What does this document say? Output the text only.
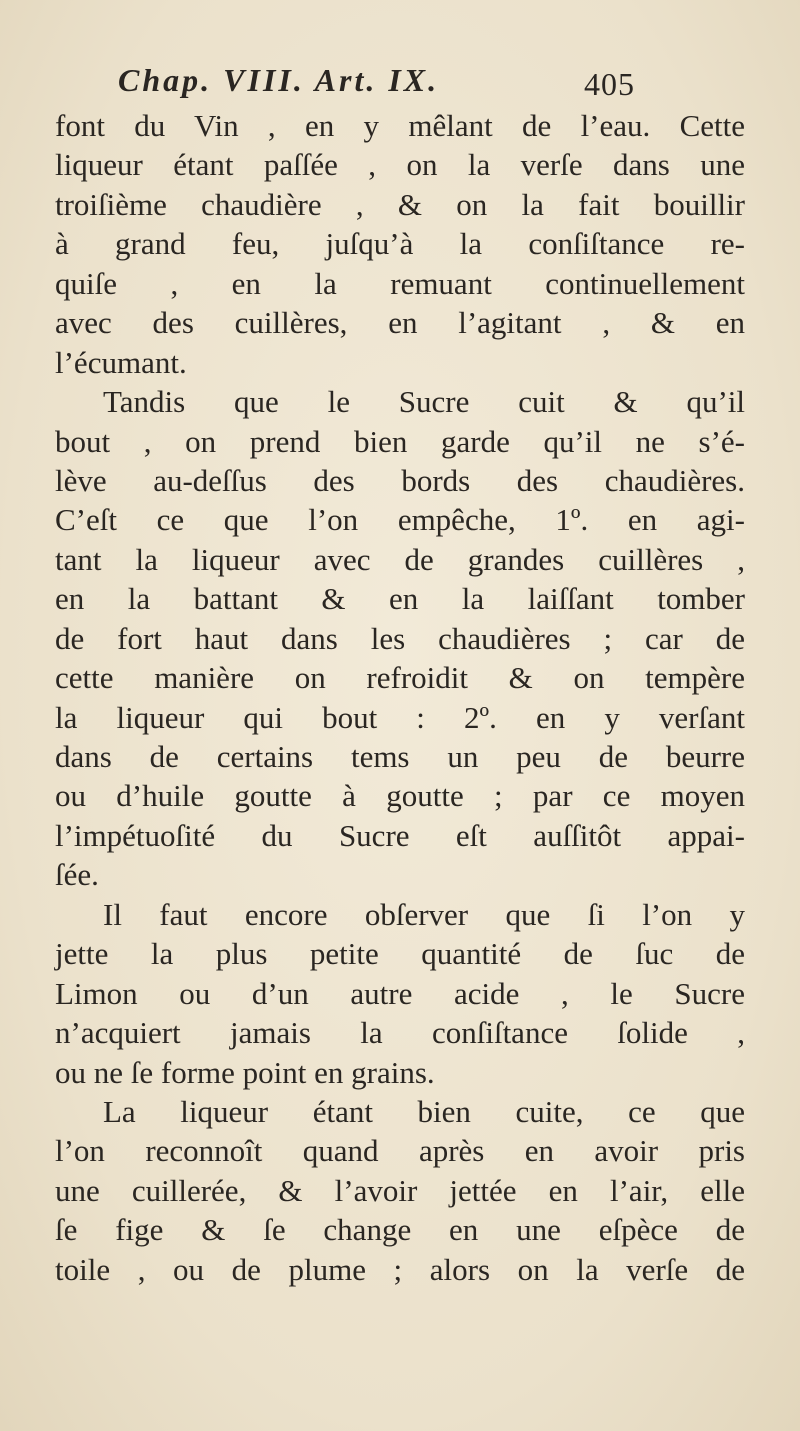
Chap. VIII. Art. IX.	405
font du Vin , en y mêlant de l’eau. Cette
liqueur étant paſſée , on la verſe dans une
troiſième chaudière , & on la fait bouillir
à grand feu, juſqu’à la conſiſtance re-
quiſe , en la remuant continuellement
avec des cuillères, en l’agitant , & en
l’écumant.
Tandis que le Sucre cuit & qu’il
bout , on prend bien garde qu’il ne s’é-
lève au-deſſus des bords des chaudières.
C’eſt ce que l’on empêche, 1º. en agi-
tant la liqueur avec de grandes cuillères ,
en la battant & en la laiſſant tomber
de fort haut dans les chaudières ; car de
cette manière on refroidit & on tempère
la liqueur qui bout : 2º. en y verſant
dans de certains tems un peu de beurre
ou d’huile goutte à goutte ; par ce moyen
l’impétuoſité du Sucre eſt auſſitôt appai-
ſée.
Il faut encore obſerver que ſi l’on y
jette la plus petite quantité de ſuc de
Limon ou d’un autre acide , le Sucre
n’acquiert jamais la conſiſtance ſolide ,
ou ne ſe forme point en grains.
La liqueur étant bien cuite, ce que
l’on reconnoît quand après en avoir pris
une cuillerée, & l’avoir jettée en l’air, elle
ſe fige & ſe change en une eſpèce de
toile , ou de plume ; alors on la verſe de
